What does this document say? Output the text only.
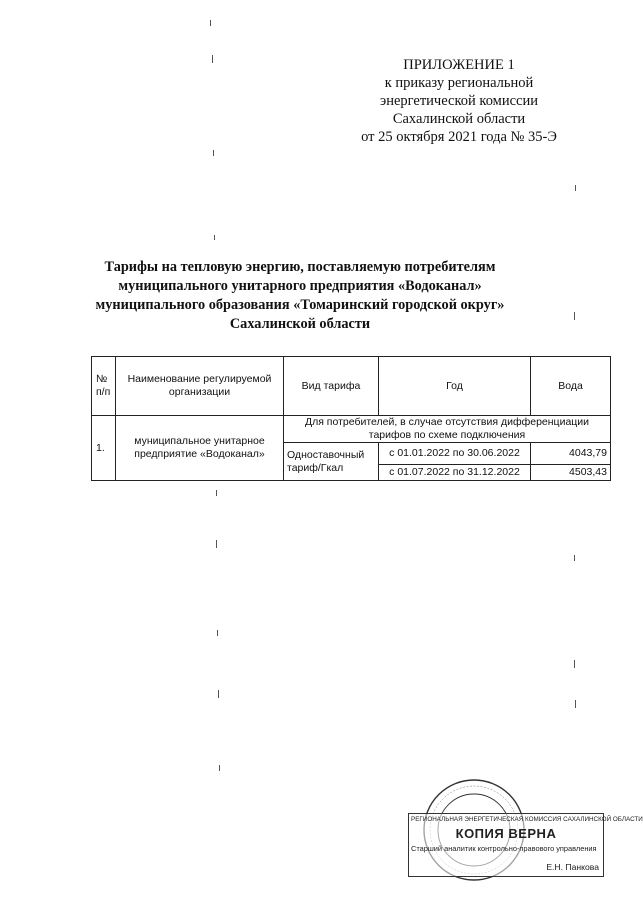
ПРИЛОЖЕНИЕ 1
к приказу региональной
энергетической комиссии
Сахалинской области
от 25 октября 2021 года № 35-Э
Тарифы на тепловую энергию, поставляемую потребителям
муниципального унитарного предприятия «Водоканал»
муниципального образования «Томаринский городской округ»
Сахалинской области
№ п/п	Наименование регулируемой организации	Вид тарифа	Год	Вода
1.	муниципальное унитарное предприятие «Водоканал»	Для потребителей, в случае отсутствия дифференциации тарифов по схеме подключения		
		Одноставочный тариф/Гкал	с 01.01.2022 по 30.06.2022	4043,79
			с 01.07.2022 по 31.12.2022	4503,43
РЕГИОНАЛЬНАЯ ЭНЕРГЕТИЧЕСКАЯ КОМИССИЯ САХАЛИНСКОЙ ОБЛАСТИ
КОПИЯ ВЕРНА
Старший аналитик контрольно-правового управления
Е.Н. Панкова
